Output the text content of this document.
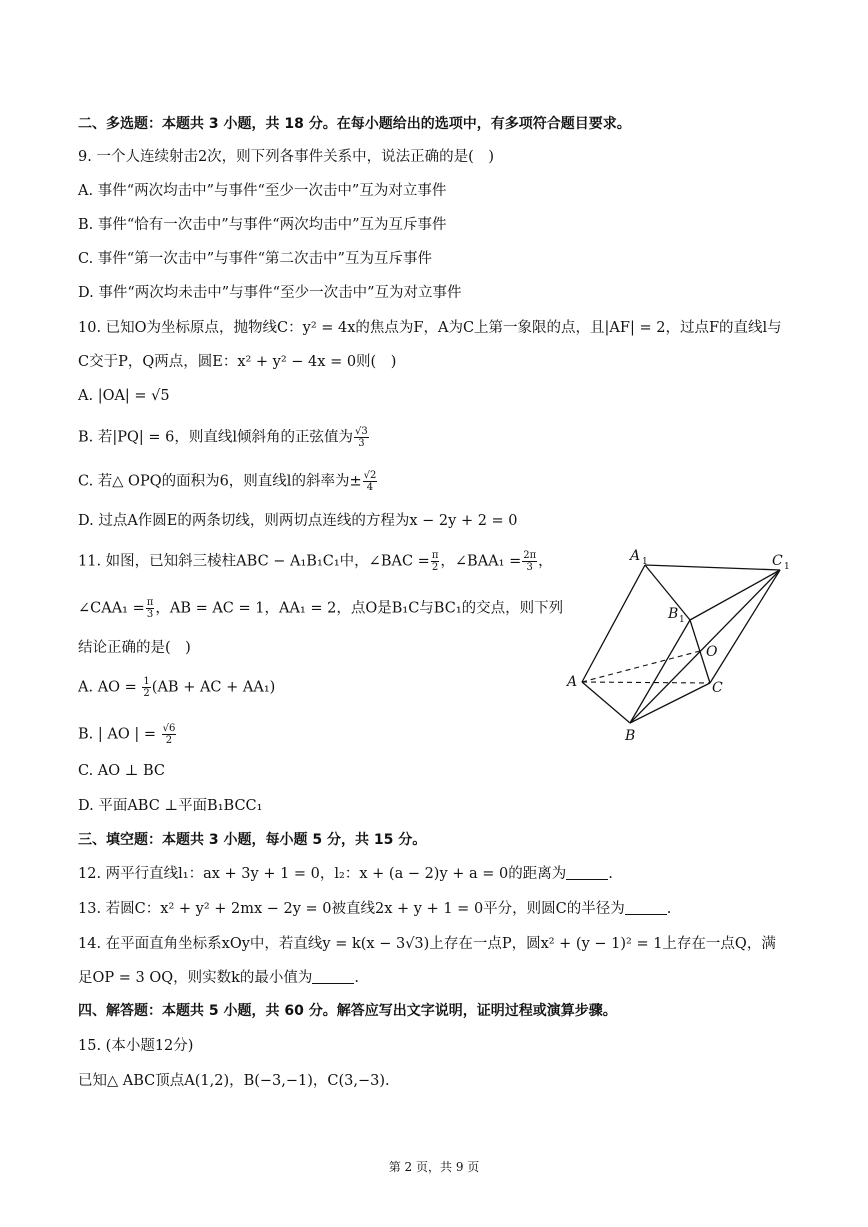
二、多选题：本题共 3 小题，共 18 分。在每小题给出的选项中，有多项符合题目要求。
9. 一个人连续射击2次，则下列各事件关系中，说法正确的是(　)
A. 事件“两次均击中”与事件“至少一次击中”互为对立事件
B. 事件“恰有一次击中”与事件“两次均击中”互为互斥事件
C. 事件“第一次击中”与事件“第二次击中”互为互斥事件
D. 事件“两次均未击中”与事件“至少一次击中”互为对立事件
10. 已知O为坐标原点，抛物线C：y² = 4x的焦点为F，A为C上第一象限的点，且|AF| = 2，过点F的直线l与
C交于P，Q两点，圆E：x² + y² − 4x = 0则(　)
A. |OA| = √5
B. 若|PQ| = 6，则直线l倾斜角的正弦值为 $\frac{√3}{3}$
C. 若△ OPQ的面积为6，则直线l的斜率为± $\frac{√2}{4}$
D. 过点A作圆E的两条切线，则两切点连线的方程为x − 2y + 2 = 0
11. 如图，已知斜三棱柱ABC − A₁B₁C₁中，∠BAC = $\frac{\pi}{2}$ ，∠BAA₁ = $\frac{2\pi}{3}$ ，
∠CAA₁ = $\frac{\pi}{3}$ ，AB = AC = 1，AA₁ = 2，点O是B₁C与BC₁的交点，则下列
结论正确的是(　)
A. AO = $\frac{1}{2} (AB$ + AC + AA₁)
B. | AO | = $\frac{√6}{2}$
C. AO ⊥ BC
D. 平面ABC ⊥平面B₁BCC₁
A 1	C 1
B 1
O
A	C
B
三、填空题：本题共 3 小题，每小题 5 分，共 15 分。
12. 两平行直线l₁：ax + 3y + 1 = 0，l₂：x + (a − 2)y + a = 0的距离为	.
13. 若圆C：x² + y² + 2mx − 2y = 0被直线2x + y + 1 = 0平分，则圆C的半径为	.
14. 在平面直角坐标系xOy中，若直线y = k(x − 3√3)上存在一点P，圆x² + (y − 1)² = 1上存在一点Q，满
足OP = 3 OQ，则实数k的最小值为	.
四、解答题：本题共 5 小题，共 60 分。解答应写出文字说明，证明过程或演算步骤。
15. (本小题12分)
已知△ ABC顶点A(1,2)，B(−3,−1)，C(3,−3).
第 2 页，共 9 页
